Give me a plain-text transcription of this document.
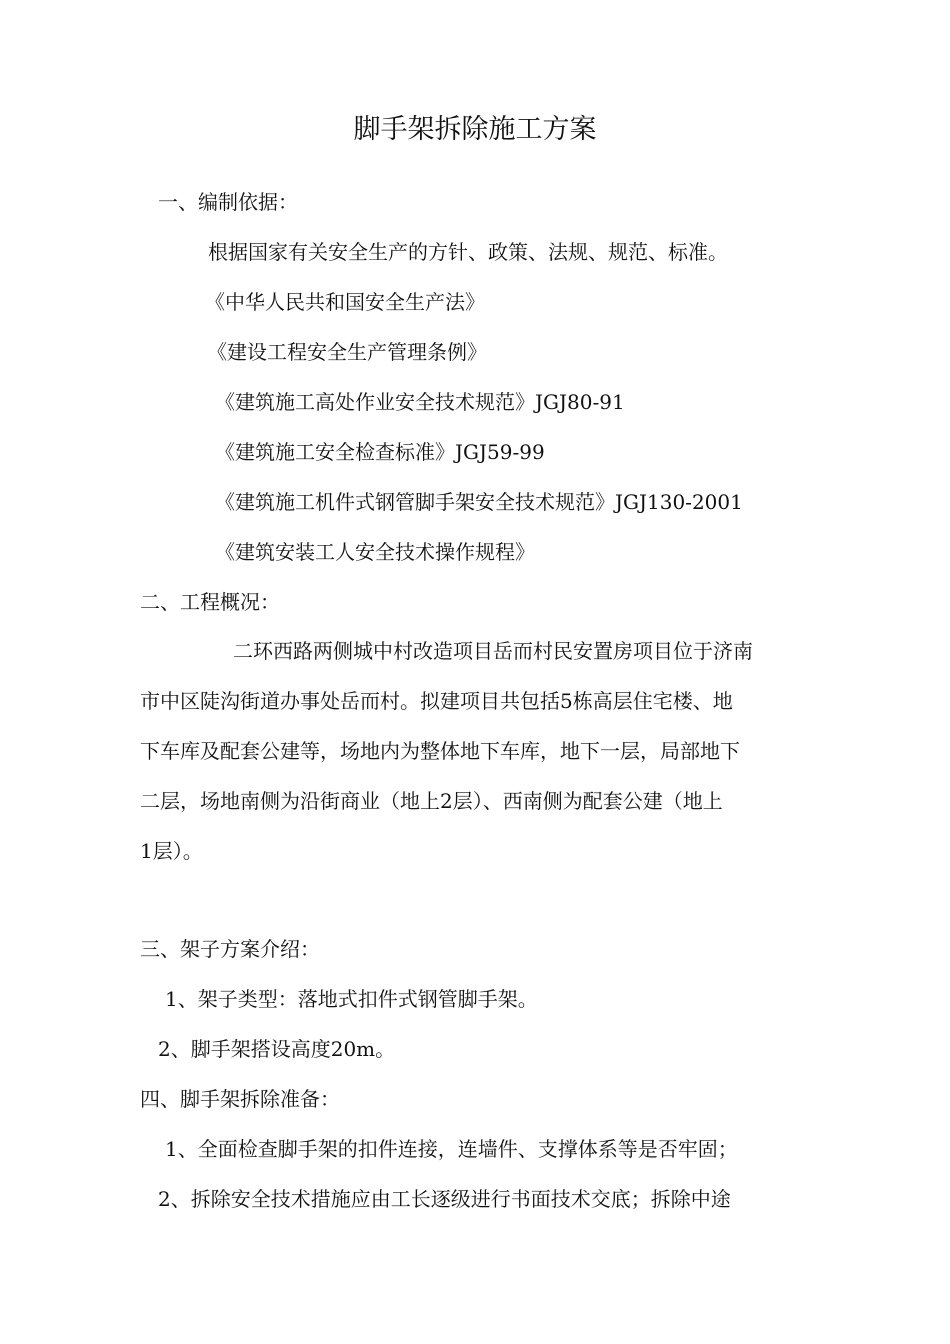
脚手架拆除施工方案
一、编制依据：
根据国家有关安全生产的方针、政策、法规、规范、标准。
《中华人民共和国安全生产法》
《建设工程安全生产管理条例》
《建筑施工高处作业安全技术规范》JGJ80-91
《建筑施工安全检查标准》JGJ59-99
《建筑施工机件式钢管脚手架安全技术规范》JGJ130-2001
《建筑安装工人安全技术操作规程》
二、工程概况：
二环西路两侧城中村改造项目岳而村民安置房项目位于济南
市中区陡沟街道办事处岳而村。拟建项目共包括5栋高层住宅楼、地
下车库及配套公建等，场地内为整体地下车库，地下一层，局部地下
二层，场地南侧为沿街商业（地上2层）、西南侧为配套公建（地上
1层）。
三、架子方案介绍：
1、架子类型：落地式扣件式钢管脚手架。
2、脚手架搭设高度20m。
四、脚手架拆除准备：
1、全面检查脚手架的扣件连接，连墙件、支撑体系等是否牢固；
2、拆除安全技术措施应由工长逐级进行书面技术交底；拆除中途
